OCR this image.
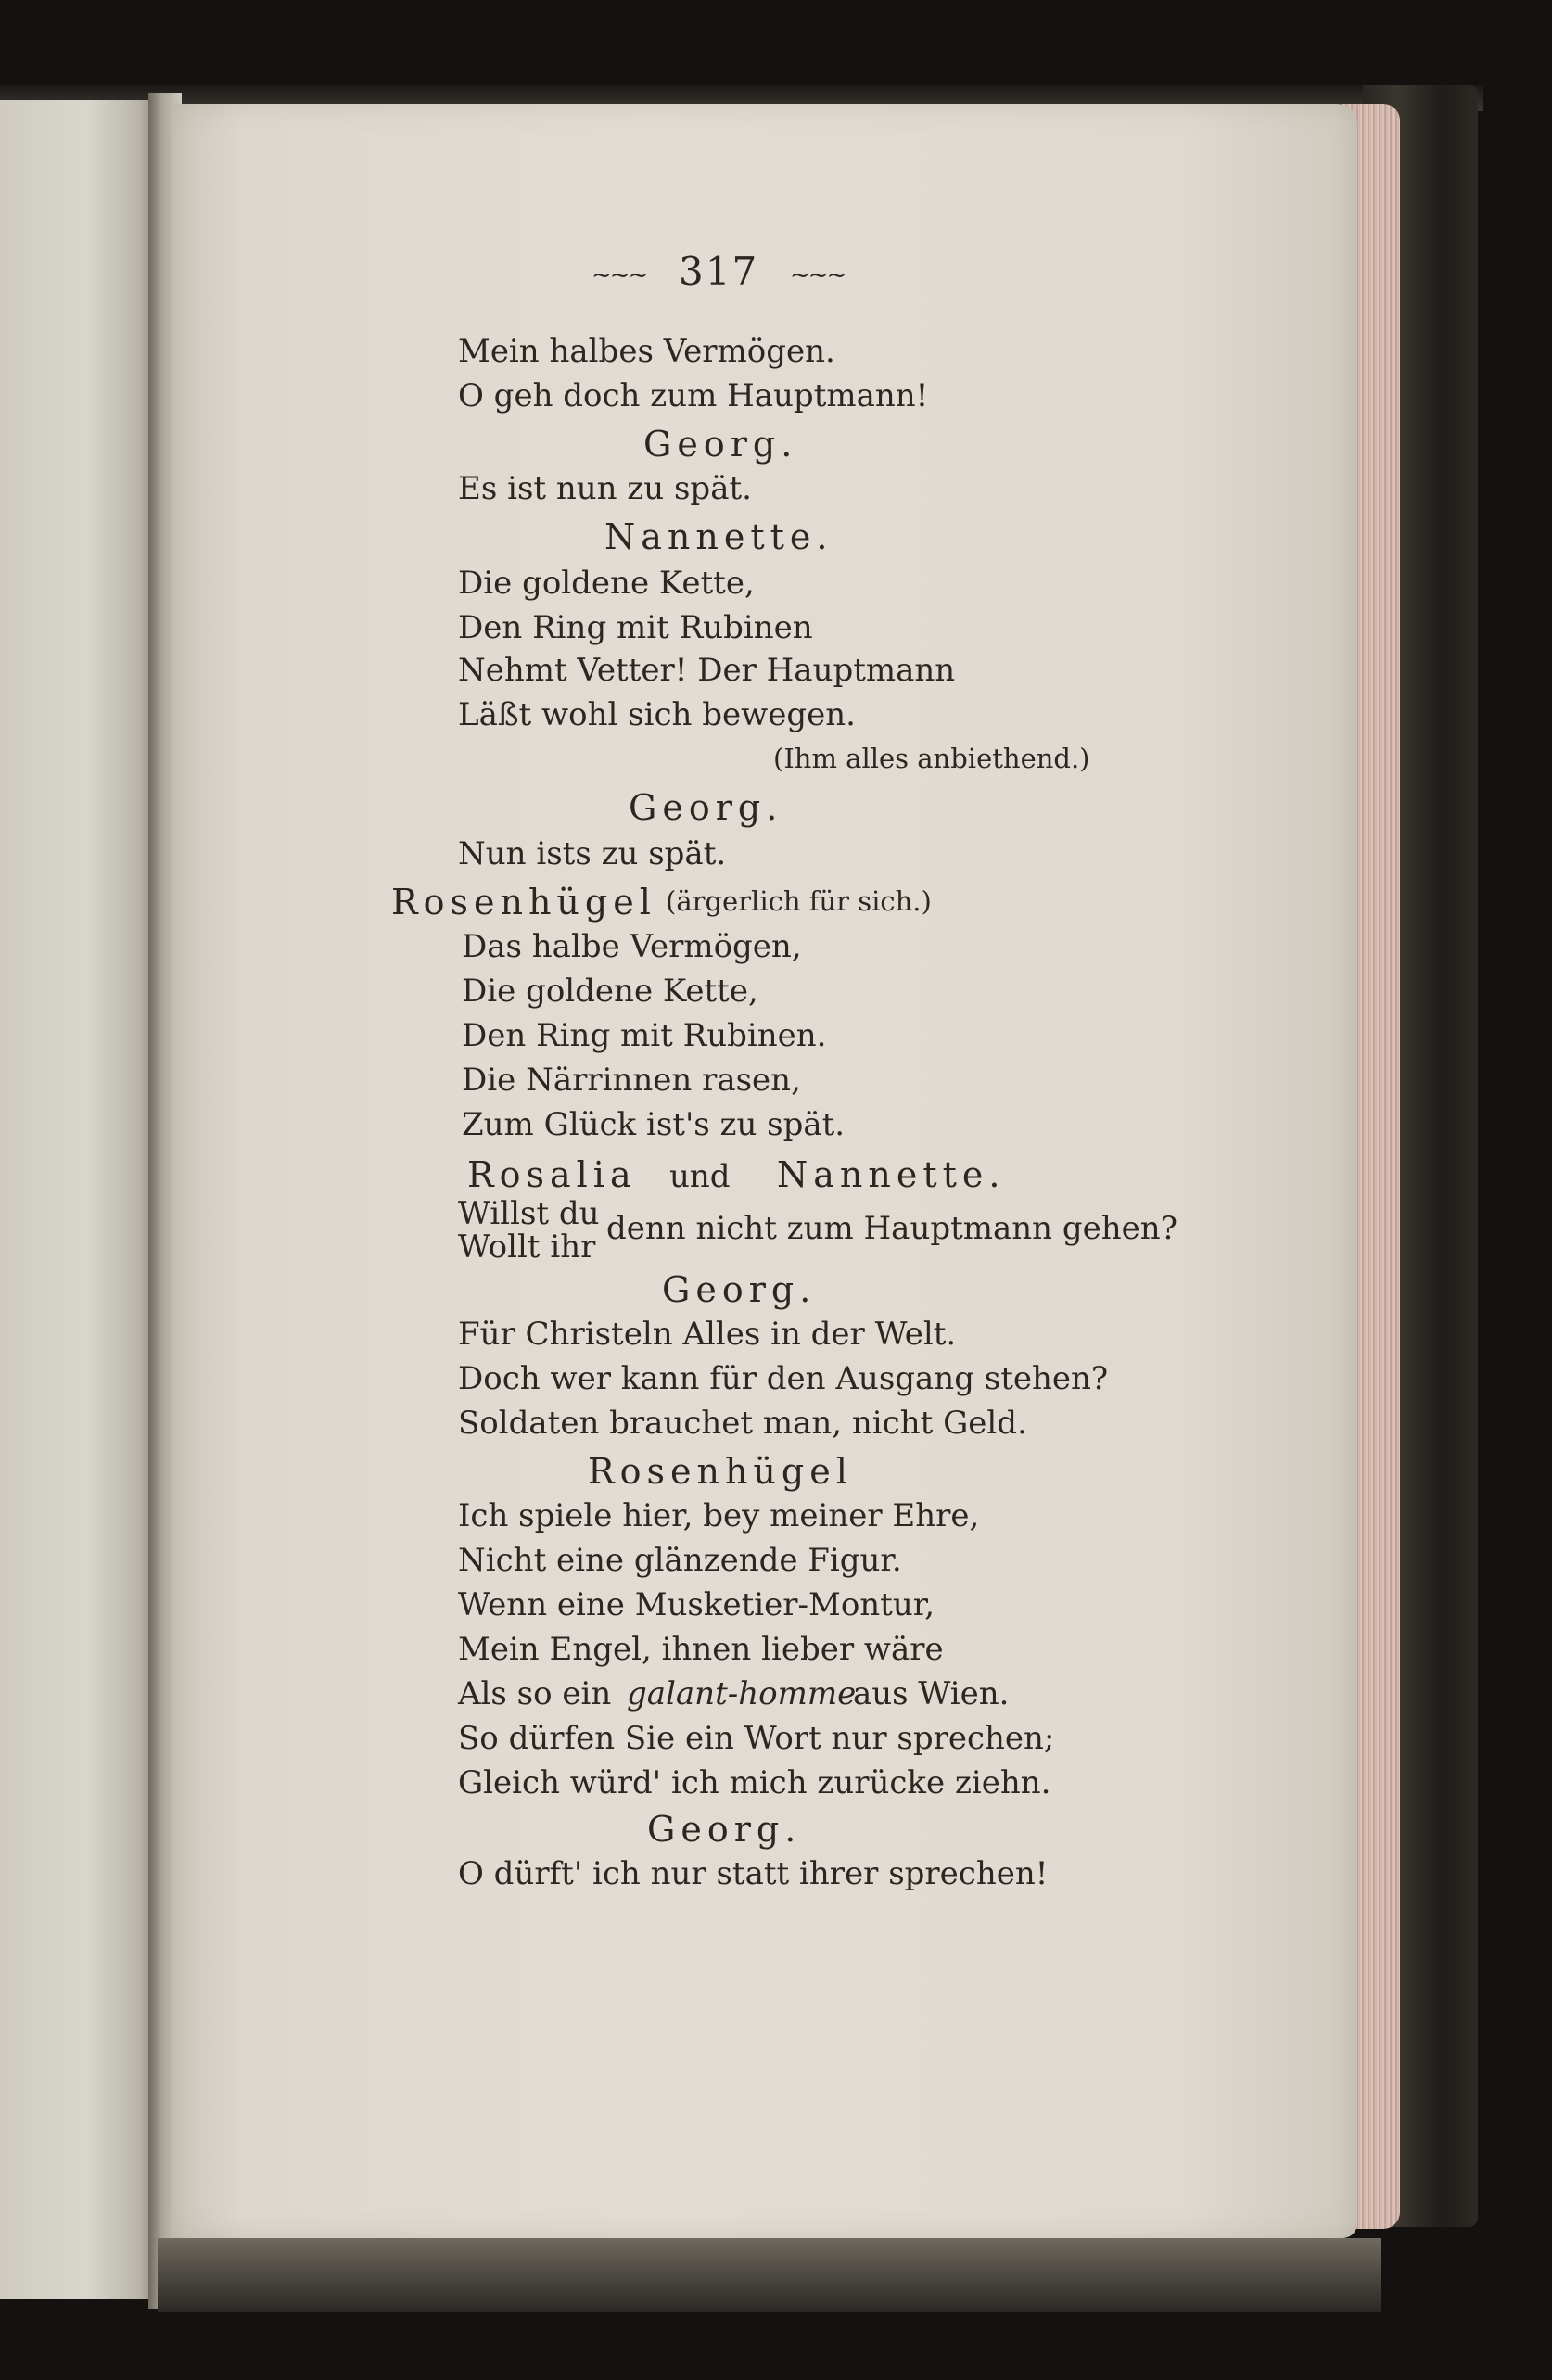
~~~ 317 ~~~
Mein halbes Vermögen.
O geh doch zum Hauptmann!
Georg.
Es ist nun zu spät.
Nannette.
Die goldene Kette,
Den Ring mit Rubinen
Nehmt Vetter! Der Hauptmann
Läßt wohl sich bewegen.
(Ihm alles anbiethend.)
Georg.
Nun ists zu spät.
Rosenhügel (ärgerlich für sich.)
Das halbe Vermögen,
Die goldene Kette,
Den Ring mit Rubinen.
Die Närrinnen rasen,
Zum Glück ist's zu spät.
Rosalia und Nannette.
Willst du
Wollt ihr denn nicht zum Hauptmann gehen?
Georg.
Für Christeln Alles in der Welt.
Doch wer kann für den Ausgang stehen?
Soldaten brauchet man, nicht Geld.
Rosenhügel
Ich spiele hier, bey meiner Ehre,
Nicht eine glänzende Figur.
Wenn eine Musketier-Montur,
Mein Engel, ihnen lieber wäre
Als so ein galant-homme
aus Wien.
So dürfen Sie ein Wort nur sprechen;
Gleich würd' ich mich zurücke ziehn.
Georg.
O dürft' ich nur statt ihrer sprechen!
